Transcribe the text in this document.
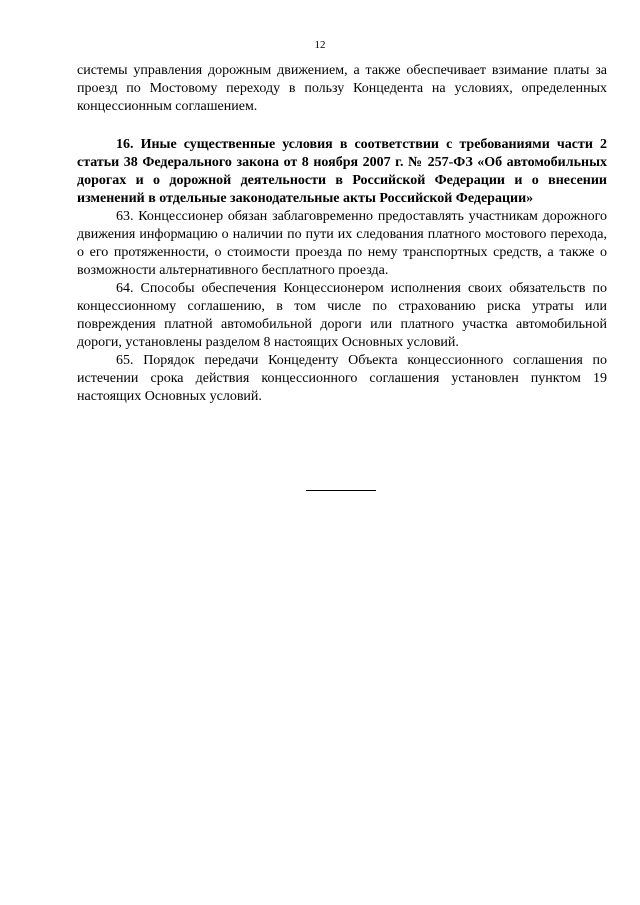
12

системы управления дорожным движением, а также обеспечивает взимание платы за проезд по Мостовому переходу в пользу Концедента на условиях, определенных концессионным соглашением.

16. Иные существенные условия в соответствии с требованиями части 2 статьи 38 Федерального закона от 8 ноября 2007 г. № 257-ФЗ «Об автомобильных дорогах и о дорожной деятельности в Российской Федерации и о внесении изменений в отдельные законодательные акты Российской Федерации»

63. Концессионер обязан заблаговременно предоставлять участникам дорожного движения информацию о наличии по пути их следования платного мостового перехода, о его протяженности, о стоимости проезда по нему транспортных средств, а также о возможности альтернативного бесплатного проезда.

64. Способы обеспечения Концессионером исполнения своих обязательств по концессионному соглашению, в том числе по страхованию риска утраты или повреждения платной автомобильной дороги или платного участка автомобильной дороги, установлены разделом 8 настоящих Основных условий.

65. Порядок передачи Концеденту Объекта концессионного соглашения по истечении срока действия концессионного соглашения установлен пунктом 19 настоящих Основных условий.
